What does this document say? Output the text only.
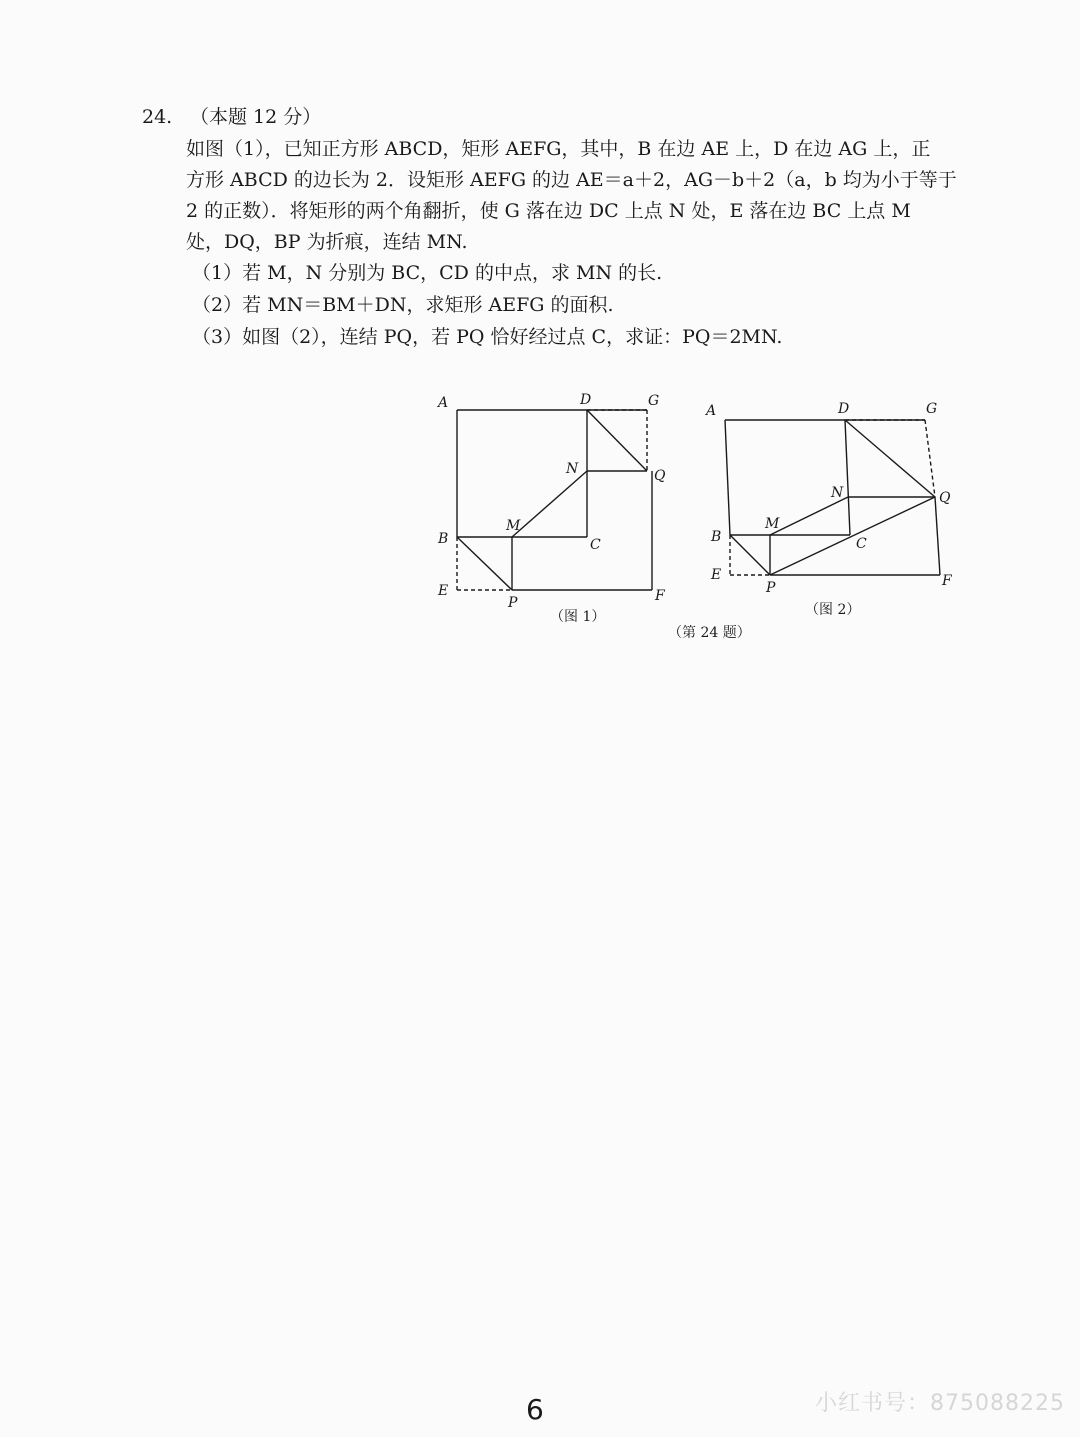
24. （本题 12 分）

如图（1），已知正方形 ABCD，矩形 AEFG，其中，B 在边 AE 上，D 在边 AG 上，正

方形 ABCD 的边长为 2．设矩形 AEFG 的边 AE＝a＋2，AG－b＋2（a，b 均为小于等于

2 的正数）．将矩形的两个角翻折，使 G 落在边 DC 上点 N 处，E 落在边 BC 上点 M

处，DQ，BP 为折痕，连结 MN.

（1）若 M，N 分别为 BC，CD 的中点，求 MN 的长.
（2）若 MN＝BM＋DN，求矩形 AEFG 的面积.
（3）如图（2），连结 PQ，若 PQ 恰好经过点 C，求证：PQ＝2MN.
A	D	G
N	Q
M
B	C
E
P	F
（图 1）
A	D	G
N	Q
M
B	C
E
P	F
（图 2）
（第 24 题）
6	小红书号：875088225
